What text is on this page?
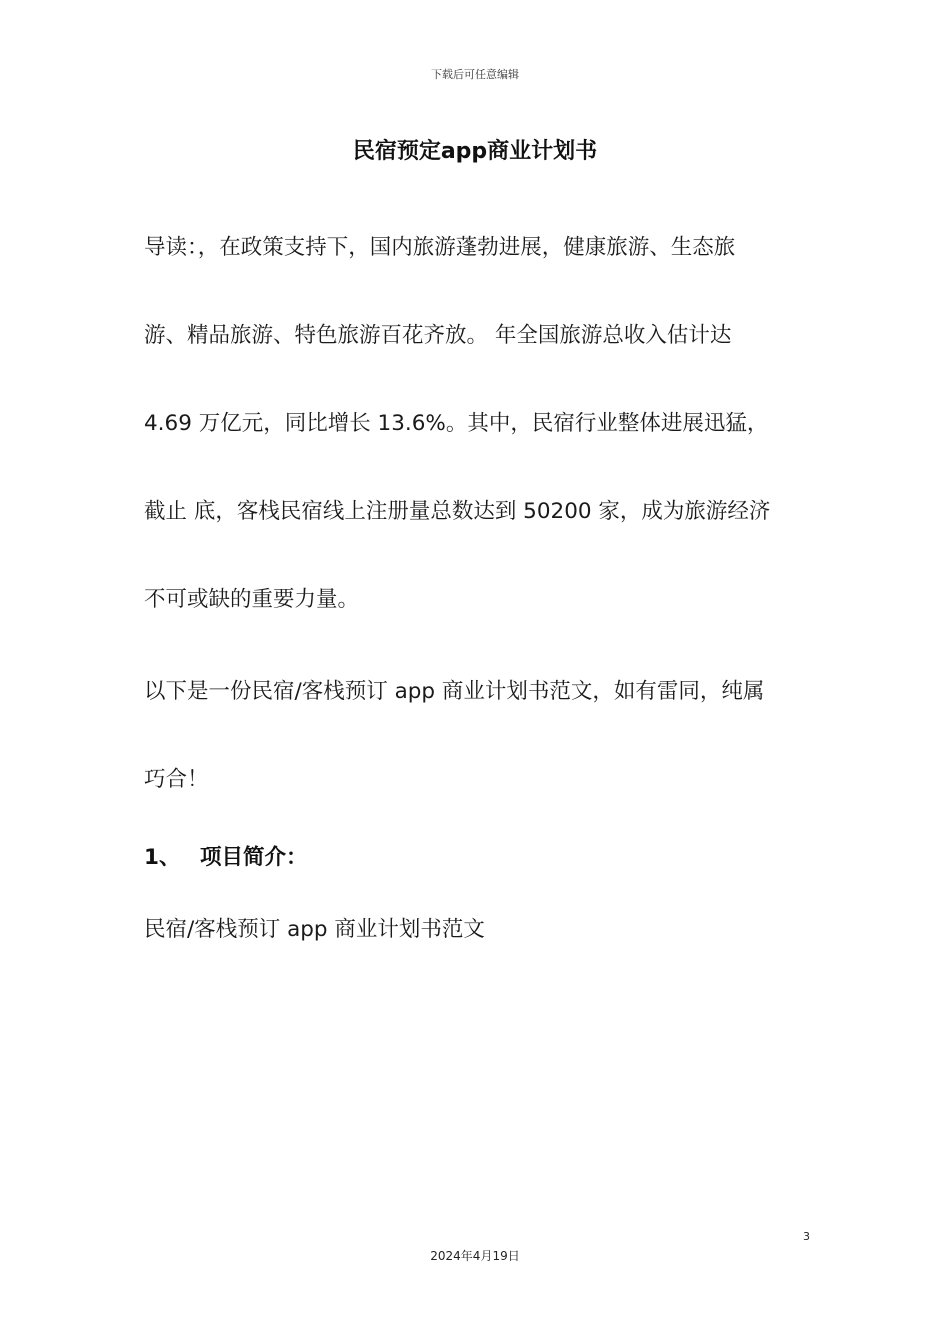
下载后可任意编辑
民宿预定app商业计划书
导读：，在政策支持下，国内旅游蓬勃进展，健康旅游、生态旅
游、精品旅游、特色旅游百花齐放。 年全国旅游总收入估计达
4.69 万亿元，同比增长 13.6%。其中，民宿行业整体进展迅猛，
截止 底，客栈民宿线上注册量总数达到 50200 家，成为旅游经济
不可或缺的重要力量。
以下是一份民宿/客栈预订 app 商业计划书范文，如有雷同，纯属
巧合！
1、 项目简介：
民宿/客栈预订 app 商业计划书范文
3
2024年4月19日
